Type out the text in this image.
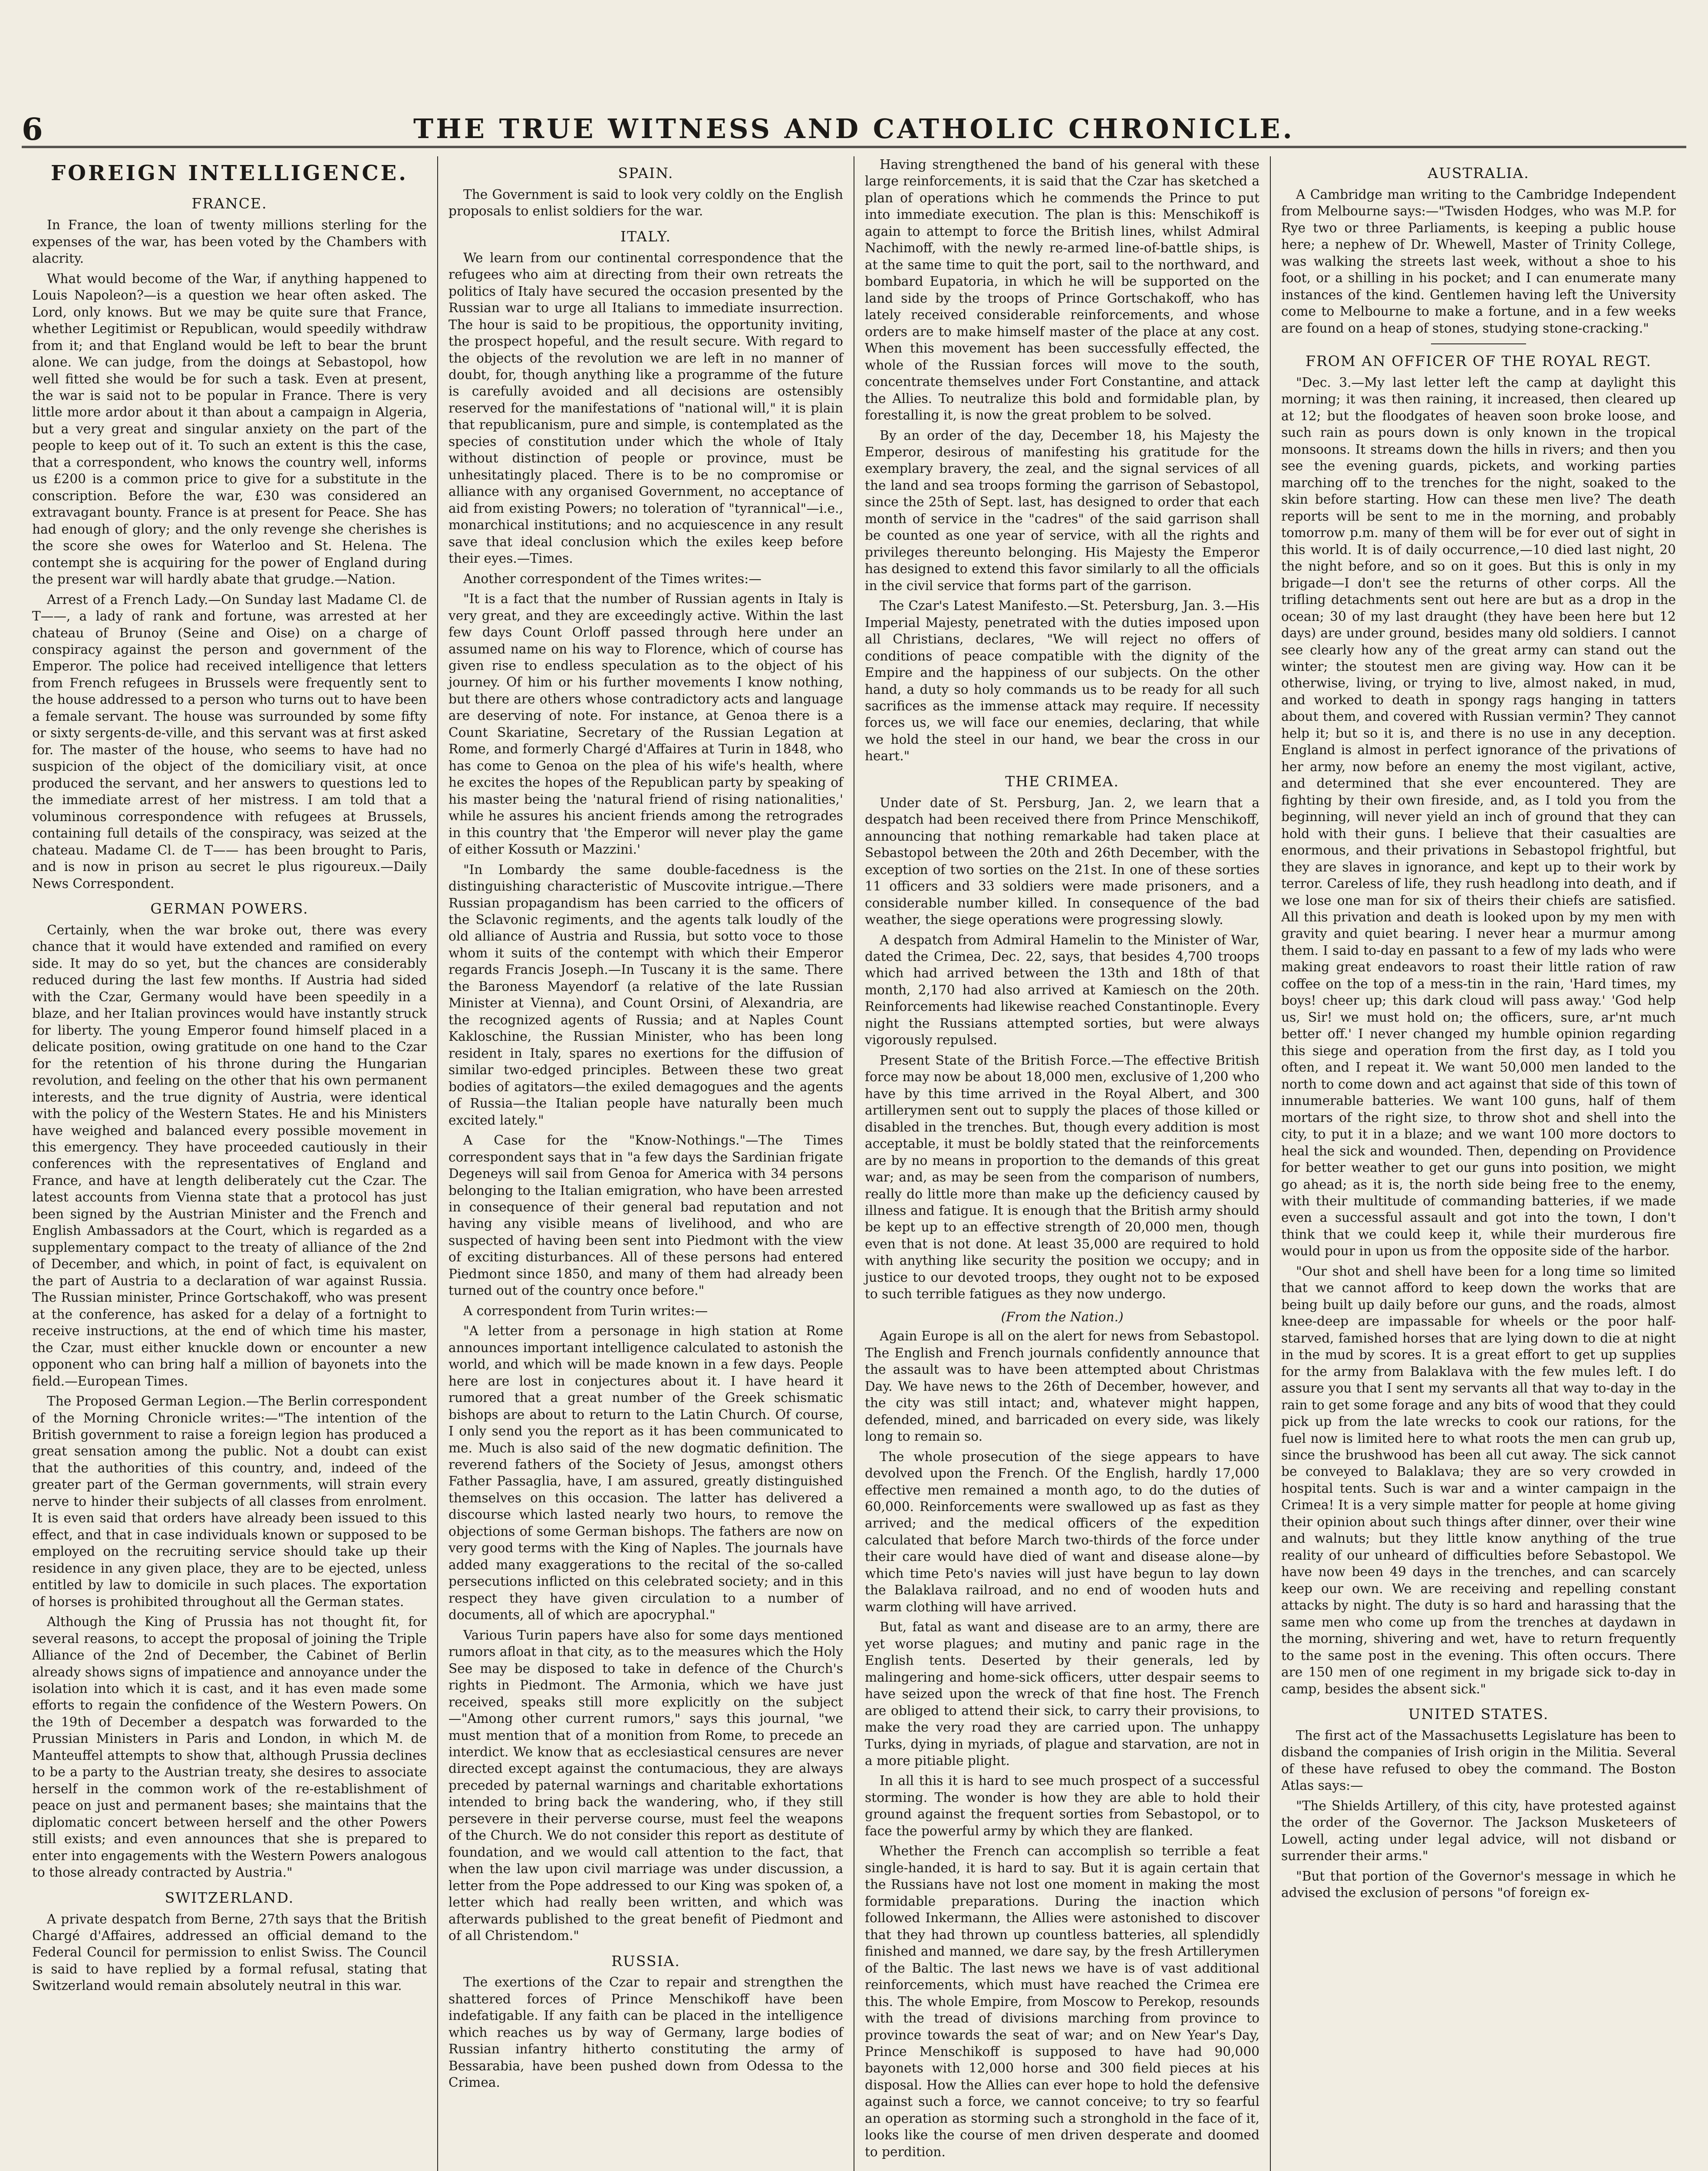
6	THE TRUE WITNESS AND CATHOLIC CHRONICLE.
FOREIGN INTELLIGENCE.
FRANCE.

In France, the loan of twenty millions sterling for the expenses of the war, has been voted by the Chambers with alacrity.

What would become of the War, if anything happened to Louis Napoleon?—is a question we hear often asked. The Lord, only knows. But we may be quite sure that France, whether Legitimist or Republican, would speedily withdraw from it; and that England would be left to bear the brunt alone. We can judge, from the doings at Sebastopol, how well fitted she would be for such a task. Even at present, the war is said not to be popular in France. There is very little more ardor about it than about a campaign in Algeria, but a very great and singular anxiety on the part of the people to keep out of it. To such an extent is this the case, that a correspondent, who knows the country well, informs us £200 is a common price to give for a substitute in the conscription. Before the war, £30 was considered an extravagant bounty. France is at present for Peace. She has had enough of glory; and the only revenge she cherishes is the score she owes for Waterloo and St. Helena. The contempt she is acquiring for the power of England during the present war will hardly abate that grudge.—Nation.

Arrest of a French Lady.—On Sunday last Madame Cl. de T——, a lady of rank and fortune, was arrested at her chateau of Brunoy (Seine and Oise) on a charge of conspiracy against the person and government of the Emperor. The police had received intelligence that letters from French refugees in Brussels were frequently sent to the house addressed to a person who turns out to have been a female servant. The house was surrounded by some fifty or sixty sergents-de-ville, and this servant was at first asked for. The master of the house, who seems to have had no suspicion of the object of the domiciliary visit, at once produced the servant, and her answers to questions led to the immediate arrest of her mistress. I am told that a voluminous correspondence with refugees at Brussels, containing full details of the conspiracy, was seized at the chateau. Madame Cl. de T—— has been brought to Paris, and is now in prison au secret le plus rigoureux.—Daily News Correspondent.

GERMAN POWERS.

Certainly, when the war broke out, there was every chance that it would have extended and ramified on every side. It may do so yet, but the chances are considerably reduced during the last few months. If Austria had sided with the Czar, Germany would have been speedily in a blaze, and her Italian provinces would have instantly struck for liberty. The young Emperor found himself placed in a delicate position, owing gratitude on one hand to the Czar for the retention of his throne during the Hungarian revolution, and feeling on the other that his own permanent interests, and the true dignity of Austria, were identical with the policy of the Western States. He and his Ministers have weighed and balanced every possible movement in this emergency. They have proceeded cautiously in their conferences with the representatives of England and France, and have at length deliberately cut the Czar. The latest accounts from Vienna state that a protocol has just been signed by the Austrian Minister and the French and English Ambassadors at the Court, which is regarded as a supplementary compact to the treaty of alliance of the 2nd of December, and which, in point of fact, is equivalent on the part of Austria to a declaration of war against Russia. The Russian minister, Prince Gortschakoff, who was present at the conference, has asked for a delay of a fortnight to receive instructions, at the end of which time his master, the Czar, must either knuckle down or encounter a new opponent who can bring half a million of bayonets into the field.—European Times.

The Proposed German Legion.—The Berlin correspondent of the Morning Chronicle writes:—"The intention of the British government to raise a foreign legion has produced a great sensation among the public. Not a doubt can exist that the authorities of this country, and, indeed of the greater part of the German governments, will strain every nerve to hinder their subjects of all classes from enrolment. It is even said that orders have already been issued to this effect, and that in case individuals known or supposed to be employed on the recruiting service should take up their residence in any given place, they are to be ejected, unless entitled by law to domicile in such places. The exportation of horses is prohibited throughout all the German states.

Although the King of Prussia has not thought fit, for several reasons, to accept the proposal of joining the Triple Alliance of the 2nd of December, the Cabinet of Berlin already shows signs of impatience and annoyance under the isolation into which it is cast, and it has even made some efforts to regain the confidence of the Western Powers. On the 19th of December a despatch was forwarded to the Prussian Ministers in Paris and London, in which M. de Manteuffel attempts to show that, although Prussia declines to be a party to the Austrian treaty, she desires to associate herself in the common work of the re-establishment of peace on just and permanent bases; she maintains that the diplomatic concert between herself and the other Powers still exists; and even announces that she is prepared to enter into engagements with the Western Powers analogous to those already contracted by Austria."

SWITZERLAND.

A private despatch from Berne, 27th says that the British Chargé d'Affaires, addressed an official demand to the Federal Council for permission to enlist Swiss. The Council is said to have replied by a formal refusal, stating that Switzerland would remain absolutely neutral in this war.

SPAIN.

The Government is said to look very coldly on the English proposals to enlist soldiers for the war.

ITALY.

We learn from our continental correspondence that the refugees who aim at directing from their own retreats the politics of Italy have secured the occasion presented by the Russian war to urge all Italians to immediate insurrection. The hour is said to be propitious, the opportunity inviting, the prospect hopeful, and the result secure. With regard to the objects of the revolution we are left in no manner of doubt, for, though anything like a programme of the future is carefully avoided and all decisions are ostensibly reserved for the manifestations of "national will," it is plain that republicanism, pure and simple, is contemplated as the species of constitution under which the whole of Italy without distinction of people or province, must be unhesitatingly placed. There is to be no compromise or alliance with any organised Government, no acceptance of aid from existing Powers; no toleration of "tyrannical"—i.e., monarchical institutions; and no acquiescence in any result save that ideal conclusion which the exiles keep before their eyes.—Times.

Another correspondent of the Times writes:—

"It is a fact that the number of Russian agents in Italy is very great, and they are exceedingly active. Within the last few days Count Orloff passed through here under an assumed name on his way to Florence, which of course has given rise to endless speculation as to the object of his journey. Of him or his further movements I know nothing, but there are others whose contradictory acts and language are deserving of note. For instance, at Genoa there is a Count Skariatine, Secretary of the Russian Legation at Rome, and formerly Chargé d'Affaires at Turin in 1848, who has come to Genoa on the plea of his wife's health, where he excites the hopes of the Republican party by speaking of his master being the 'natural friend of rising nationalities,' while he assures his ancient friends among the retrogrades in this country that 'the Emperor will never play the game of either Kossuth or Mazzini.'

"In Lombardy the same double-facedness is the distinguishing characteristic of Muscovite intrigue.—There Russian propagandism has been carried to the officers of the Sclavonic regiments, and the agents talk loudly of the old alliance of Austria and Russia, but sotto voce to those whom it suits of the contempt with which their Emperor regards Francis Joseph.—In Tuscany it is the same. There the Baroness Mayendorf (a relative of the late Russian Minister at Vienna), and Count Orsini, of Alexandria, are the recognized agents of Russia; and at Naples Count Kakloschine, the Russian Minister, who has been long resident in Italy, spares no exertions for the diffusion of similar two-edged principles. Between these two great bodies of agitators—the exiled demagogues and the agents of Russia—the Italian people have naturally been much excited lately."

A Case for the "Know-Nothings."—The Times correspondent says that in "a few days the Sardinian frigate Degeneys will sail from Genoa for America with 34 persons belonging to the Italian emigration, who have been arrested in consequence of their general bad reputation and not having any visible means of livelihood, and who are suspected of having been sent into Piedmont with the view of exciting disturbances. All of these persons had entered Piedmont since 1850, and many of them had already been turned out of the country once before."

A correspondent from Turin writes:—

"A letter from a personage in high station at Rome announces important intelligence calculated to astonish the world, and which will be made known in a few days. People here are lost in conjectures about it. I have heard it rumored that a great number of the Greek schismatic bishops are about to return to the Latin Church. Of course, I only send you the report as it has been communicated to me. Much is also said of the new dogmatic definition. The reverend fathers of the Society of Jesus, amongst others Father Passaglia, have, I am assured, greatly distinguished themselves on this occasion. The latter has delivered a discourse which lasted nearly two hours, to remove the objections of some German bishops. The fathers are now on very good terms with the King of Naples. The journals have added many exaggerations to the recital of the so-called persecutions inflicted on this celebrated society; and in this respect they have given circulation to a number of documents, all of which are apocryphal."

Various Turin papers have also for some days mentioned rumors afloat in that city, as to the measures which the Holy See may be disposed to take in defence of the Church's rights in Piedmont. The Armonia, which we have just received, speaks still more explicitly on the subject—"Among other current rumors," says this journal, "we must mention that of a monition from Rome, to precede an interdict. We know that as ecclesiastical censures are never directed except against the contumacious, they are always preceded by paternal warnings and charitable exhortations intended to bring back the wandering, who, if they still persevere in their perverse course, must feel the weapons of the Church. We do not consider this report as destitute of foundation, and we would call attention to the fact, that when the law upon civil marriage was under discussion, a letter from the Pope addressed to our King was spoken of, a letter which had really been written, and which was afterwards published to the great benefit of Piedmont and of all Christendom."

RUSSIA.

The exertions of the Czar to repair and strengthen the shattered forces of Prince Menschikoff have been indefatigable. If any faith can be placed in the intelligence which reaches us by way of Germany, large bodies of Russian infantry hitherto constituting the army of Bessarabia, have been pushed down from Odessa to the Crimea.

Having strengthened the band of his general with these large reinforcements, it is said that the Czar has sketched a plan of operations which he commends the Prince to put into immediate execution. The plan is this: Menschikoff is again to attempt to force the British lines, whilst Admiral Nachimoff, with the newly re-armed line-of-battle ships, is at the same time to quit the port, sail to the northward, and bombard Eupatoria, in which he will be supported on the land side by the troops of Prince Gortschakoff, who has lately received considerable reinforcements, and whose orders are to make himself master of the place at any cost. When this movement has been successfully effected, the whole of the Russian forces will move to the south, concentrate themselves under Fort Constantine, and attack the Allies. To neutralize this bold and formidable plan, by forestalling it, is now the great problem to be solved.

By an order of the day, December 18, his Majesty the Emperor, desirous of manifesting his gratitude for the exemplary bravery, the zeal, and the signal services of all the land and sea troops forming the garrison of Sebastopol, since the 25th of Sept. last, has designed to order that each month of service in the "cadres" of the said garrison shall be counted as one year of service, with all the rights and privileges thereunto belonging. His Majesty the Emperor has designed to extend this favor similarly to all the officials in the civil service that forms part of the garrison.

The Czar's Latest Manifesto.—St. Petersburg, Jan. 3.—His Imperial Majesty, penetrated with the duties imposed upon all Christians, declares, "We will reject no offers of conditions of peace compatible with the dignity of the Empire and the happiness of our subjects. On the other hand, a duty so holy commands us to be ready for all such sacrifices as the immense attack may require. If necessity forces us, we will face our enemies, declaring, that while we hold the steel in our hand, we bear the cross in our heart."

THE CRIMEA.

Under date of St. Persburg, Jan. 2, we learn that a despatch had been received there from Prince Menschikoff, announcing that nothing remarkable had taken place at Sebastopol between the 20th and 26th December, with the exception of two sorties on the 21st. In one of these sorties 11 officers and 33 soldiers were made prisoners, and a considerable number killed. In consequence of the bad weather, the siege operations were progressing slowly.

A despatch from Admiral Hamelin to the Minister of War, dated the Crimea, Dec. 22, says, that besides 4,700 troops which had arrived between the 13th and 18th of that month, 2,170 had also arrived at Kamiesch on the 20th. Reinforcements had likewise reached Constantinople. Every night the Russians attempted sorties, but were always vigorously repulsed.

Present State of the British Force.—The effective British force may now be about 18,000 men, exclusive of 1,200 who have by this time arrived in the Royal Albert, and 300 artillerymen sent out to supply the places of those killed or disabled in the trenches. But, though every addition is most acceptable, it must be boldly stated that the reinforcements are by no means in proportion to the demands of this great war; and, as may be seen from the comparison of numbers, really do little more than make up the deficiency caused by illness and fatigue. It is enough that the British army should be kept up to an effective strength of 20,000 men, though even that is not done. At least 35,000 are required to hold with anything like security the position we occupy; and in justice to our devoted troops, they ought not to be exposed to such terrible fatigues as they now undergo.

(From the Nation.)

Again Europe is all on the alert for news from Sebastopol. The English and French journals confidently announce that the assault was to have been attempted about Christmas Day. We have news to the 26th of December, however, and the city was still intact; and, whatever might happen, defended, mined, and barricaded on every side, was likely long to remain so.

The whole prosecution of the siege appears to have devolved upon the French. Of the English, hardly 17,000 effective men remained a month ago, to do the duties of 60,000. Reinforcements were swallowed up as fast as they arrived; and the medical officers of the expedition calculated that before March two-thirds of the force under their care would have died of want and disease alone—by which time Peto's navies will just have begun to lay down the Balaklava railroad, and no end of wooden huts and warm clothing will have arrived.

But, fatal as want and disease are to an army, there are yet worse plagues; and mutiny and panic rage in the English tents. Deserted by their generals, led by malingering and home-sick officers, utter despair seems to have seized upon the wreck of that fine host. The French are obliged to attend their sick, to carry their provisions, to make the very road they are carried upon. The unhappy Turks, dying in myriads, of plague and starvation, are not in a more pitiable plight.

In all this it is hard to see much prospect of a successful storming. The wonder is how they are able to hold their ground against the frequent sorties from Sebastopol, or to face the powerful army by which they are flanked.

Whether the French can accomplish so terrible a feat single-handed, it is hard to say. But it is again certain that the Russians have not lost one moment in making the most formidable preparations. During the inaction which followed Inkermann, the Allies were astonished to discover that they had thrown up countless batteries, all splendidly finished and manned, we dare say, by the fresh Artillerymen of the Baltic. The last news we have is of vast additional reinforcements, which must have reached the Crimea ere this. The whole Empire, from Moscow to Perekop, resounds with the tread of divisions marching from province to province towards the seat of war; and on New Year's Day, Prince Menschikoff is supposed to have had 90,000 bayonets with 12,000 horse and 300 field pieces at his disposal. How the Allies can ever hope to hold the defensive against such a force, we cannot conceive; to try so fearful an operation as storming such a stronghold in the face of it, looks like the course of men driven desperate and doomed to perdition.

AUSTRALIA.

A Cambridge man writing to the Cambridge Independent from Melbourne says:—"Twisden Hodges, who was M.P. for Rye two or three Parliaments, is keeping a public house here; a nephew of Dr. Whewell, Master of Trinity College, was walking the streets last week, without a shoe to his foot, or a shilling in his pocket; and I can enumerate many instances of the kind. Gentlemen having left the University come to Melbourne to make a fortune, and in a few weeks are found on a heap of stones, studying stone-cracking."

FROM AN OFFICER OF THE ROYAL REGT.

"Dec. 3.—My last letter left the camp at daylight this morning; it was then raining, it increased, then cleared up at 12; but the floodgates of heaven soon broke loose, and such rain as pours down is only known in the tropical monsoons. It streams down the hills in rivers; and then you see the evening guards, pickets, and working parties marching off to the trenches for the night, soaked to the skin before starting. How can these men live? The death reports will be sent to me in the morning, and probably tomorrow p.m. many of them will be for ever out of sight in this world. It is of daily occurrence,—10 died last night, 20 the night before, and so on it goes. But this is only in my brigade—I don't see the returns of other corps. All the trifling detachments sent out here are but as a drop in the ocean; 30 of my last draught (they have been here but 12 days) are under ground, besides many old soldiers. I cannot see clearly how any of the great army can stand out the winter; the stoutest men are giving way. How can it be otherwise, living, or trying to live, almost naked, in mud, and worked to death in spongy rags hanging in tatters about them, and covered with Russian vermin? They cannot help it; but so it is, and there is no use in any deception. England is almost in perfect ignorance of the privations of her army, now before an enemy the most vigilant, active, and determined that she ever encountered. They are fighting by their own fireside, and, as I told you from the beginning, will never yield an inch of ground that they can hold with their guns. I believe that their casualties are enormous, and their privations in Sebastopol frightful, but they are slaves in ignorance, and kept up to their work by terror. Careless of life, they rush headlong into death, and if we lose one man for six of theirs their chiefs are satisfied. All this privation and death is looked upon by my men with gravity and quiet bearing. I never hear a murmur among them. I said to-day en passant to a few of my lads who were making great endeavors to roast their little ration of raw coffee on the top of a mess-tin in the rain, 'Hard times, my boys! cheer up; this dark cloud will pass away.' 'God help us, Sir! we must hold on; the officers, sure, ar'nt much better off.' I never changed my humble opinion regarding this siege and operation from the first day, as I told you often, and I repeat it. We want 50,000 men landed to the north to come down and act against that side of this town of innumerable batteries. We want 100 guns, half of them mortars of the right size, to throw shot and shell into the city, to put it in a blaze; and we want 100 more doctors to heal the sick and wounded. Then, depending on Providence for better weather to get our guns into position, we might go ahead; as it is, the north side being free to the enemy, with their multitude of commanding batteries, if we made even a successful assault and got into the town, I don't think that we could keep it, while their murderous fire would pour in upon us from the opposite side of the harbor.

"Our shot and shell have been for a long time so limited that we cannot afford to keep down the works that are being built up daily before our guns, and the roads, almost knee-deep are impassable for wheels or the poor half-starved, famished horses that are lying down to die at night in the mud by scores. It is a great effort to get up supplies for the army from Balaklava with the few mules left. I do assure you that I sent my servants all that way to-day in the rain to get some forage and any bits of wood that they could pick up from the late wrecks to cook our rations, for the fuel now is limited here to what roots the men can grub up, since the brushwood has been all cut away. The sick cannot be conveyed to Balaklava; they are so very crowded in hospital tents. Such is war and a winter campaign in the Crimea! It is a very simple matter for people at home giving their opinion about such things after dinner, over their wine and walnuts; but they little know anything of the true reality of our unheard of difficulties before Sebastopol. We have now been 49 days in the trenches, and can scarcely keep our own. We are receiving and repelling constant attacks by night. The duty is so hard and harassing that the same men who come up from the trenches at daydawn in the morning, shivering and wet, have to return frequently to the same post in the evening. This often occurs. There are 150 men of one regiment in my brigade sick to-day in camp, besides the absent sick."

UNITED STATES.

The first act of the Massachusetts Legislature has been to disband the companies of Irish origin in the Militia. Several of these have refused to obey the command. The Boston Atlas says:—

"The Shields Artillery, of this city, have protested against the order of the Governor. The Jackson Musketeers of Lowell, acting under legal advice, will not disband or surrender their arms."

"But that portion of the Governor's message in which he advised the exclusion of persons "of foreign ex-
